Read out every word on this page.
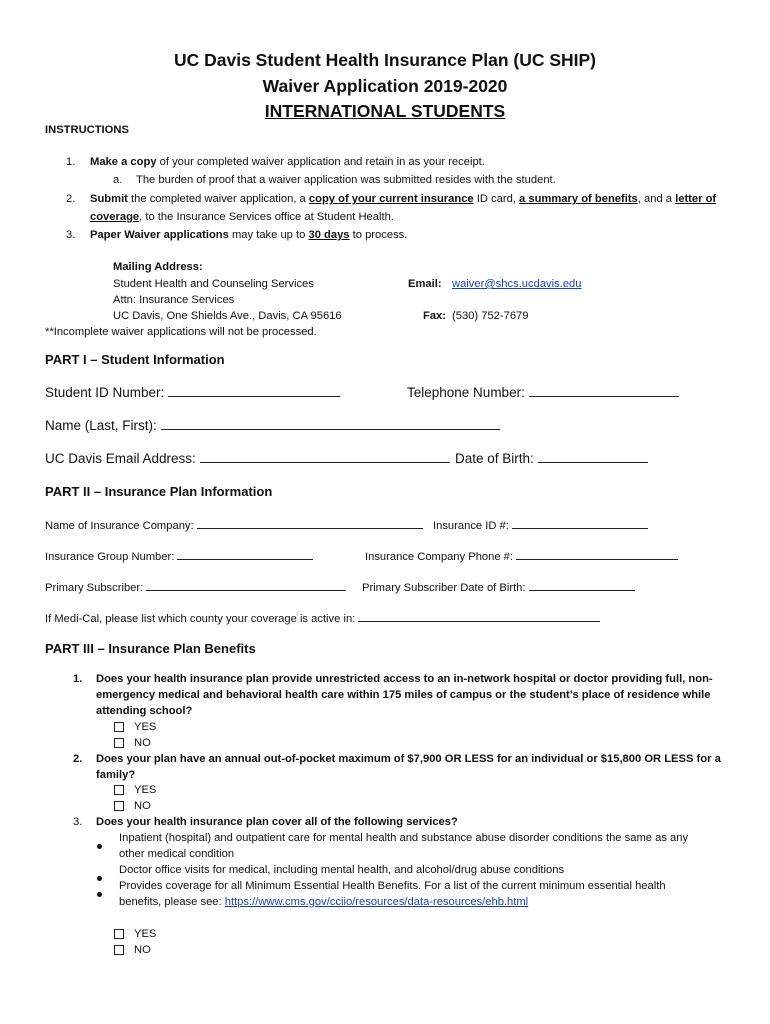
UC Davis Student Health Insurance Plan (UC SHIP)
Waiver Application 2019-2020
INTERNATIONAL STUDENTS
INSTRUCTIONS
1. Make a copy of your completed waiver application and retain in as your receipt.
a. The burden of proof that a waiver application was submitted resides with the student.
2. Submit the completed waiver application, a copy of your current insurance ID card, a summary of benefits, and a letter of
coverage, to the Insurance Services office at Student Health.
3. Paper Waiver applications may take up to 30 days to process.
Mailing Address:
Student Health and Counseling Services
Attn: Insurance Services
UC Davis, One Shields Ave., Davis, CA 95616
Email: waiver@shcs.ucdavis.edu
Fax: (530) 752-7679
**Incomplete waiver applications will not be processed.
PART I – Student Information
Student ID Number:	Telephone Number:
Name (Last, First):
UC Davis Email Address:	Date of Birth:
PART II – Insurance Plan Information
Name of Insurance Company:	Insurance ID #:
Insurance Group Number:	Insurance Company Phone #:
Primary Subscriber:	Primary Subscriber Date of Birth:
If Medi-Cal, please list which county your coverage is active in:
PART III – Insurance Plan Benefits
1. Does your health insurance plan provide unrestricted access to an in-network hospital or doctor providing full, non-
emergency medical and behavioral health care within 175 miles of campus or the student’s place of residence while
attending school?
YES
NO
2. Does your plan have an annual out-of-pocket maximum of $7,900 OR LESS for an individual or $15,800 OR LESS for a
family?
YES
NO
3. Does your health insurance plan cover all of the following services?
Inpatient (hospital) and outpatient care for mental health and substance abuse disorder conditions the same as any
other medical condition
Doctor office visits for medical, including mental health, and alcohol/drug abuse conditions
Provides coverage for all Minimum Essential Health Benefits. For a list of the current minimum essential health
benefits, please see: https://www.cms.gov/cciio/resources/data-resources/ehb.html
YES
NO
